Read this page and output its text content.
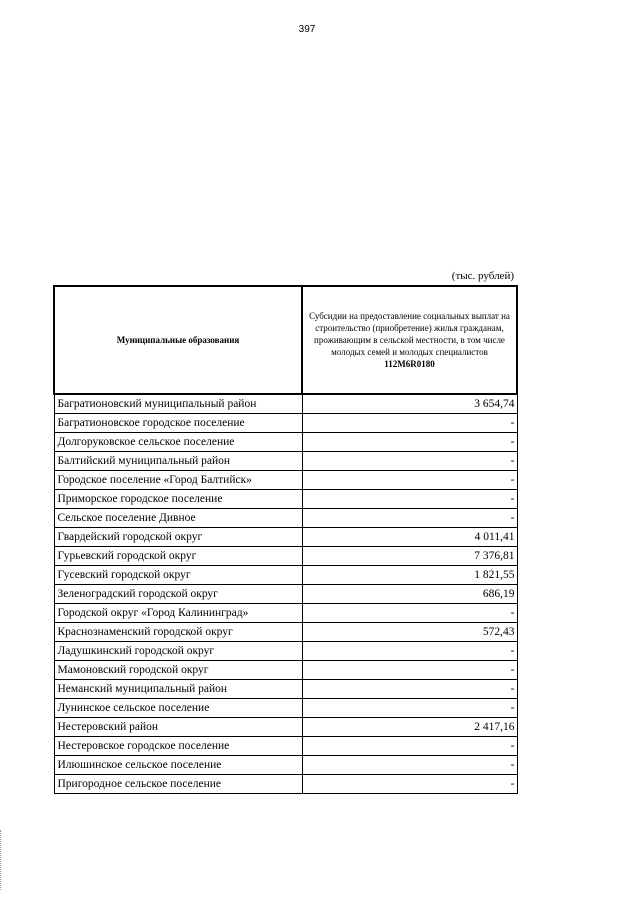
397
(тыс. рублей)
Муниципальные образования	Субсидии на предоставление социальных выплат на строительство (приобретение) жилья гражданам, проживающим в сельской местности, в том числе молодых семей и молодых специалистов
112M6R0180

Багратионовский муниципальный район	3 654,74
Багратионовское городское поселение	-
Долгоруковское сельское поселение	-
Балтийский муниципальный район	-
Городское поселение «Город Балтийск»	-
Приморское городское поселение	-
Сельское поселение Дивное	-
Гвардейский городской округ	4 011,41
Гурьевский городской округ	7 376,81
Гусевский городской округ	1 821,55
Зеленоградский городской округ	686,19
Городской округ «Город Калининград»	-
Краснознаменский городской округ	572,43
Ладушкинский городской округ	-
Мамоновский городской округ	-
Неманский муниципальный район	-
Лунинское сельское поселение	-
Нестеровский район	2 417,16
Нестеровское городское поселение	-
Илюшинское сельское поселение	-
Пригородное сельское поселение	-
